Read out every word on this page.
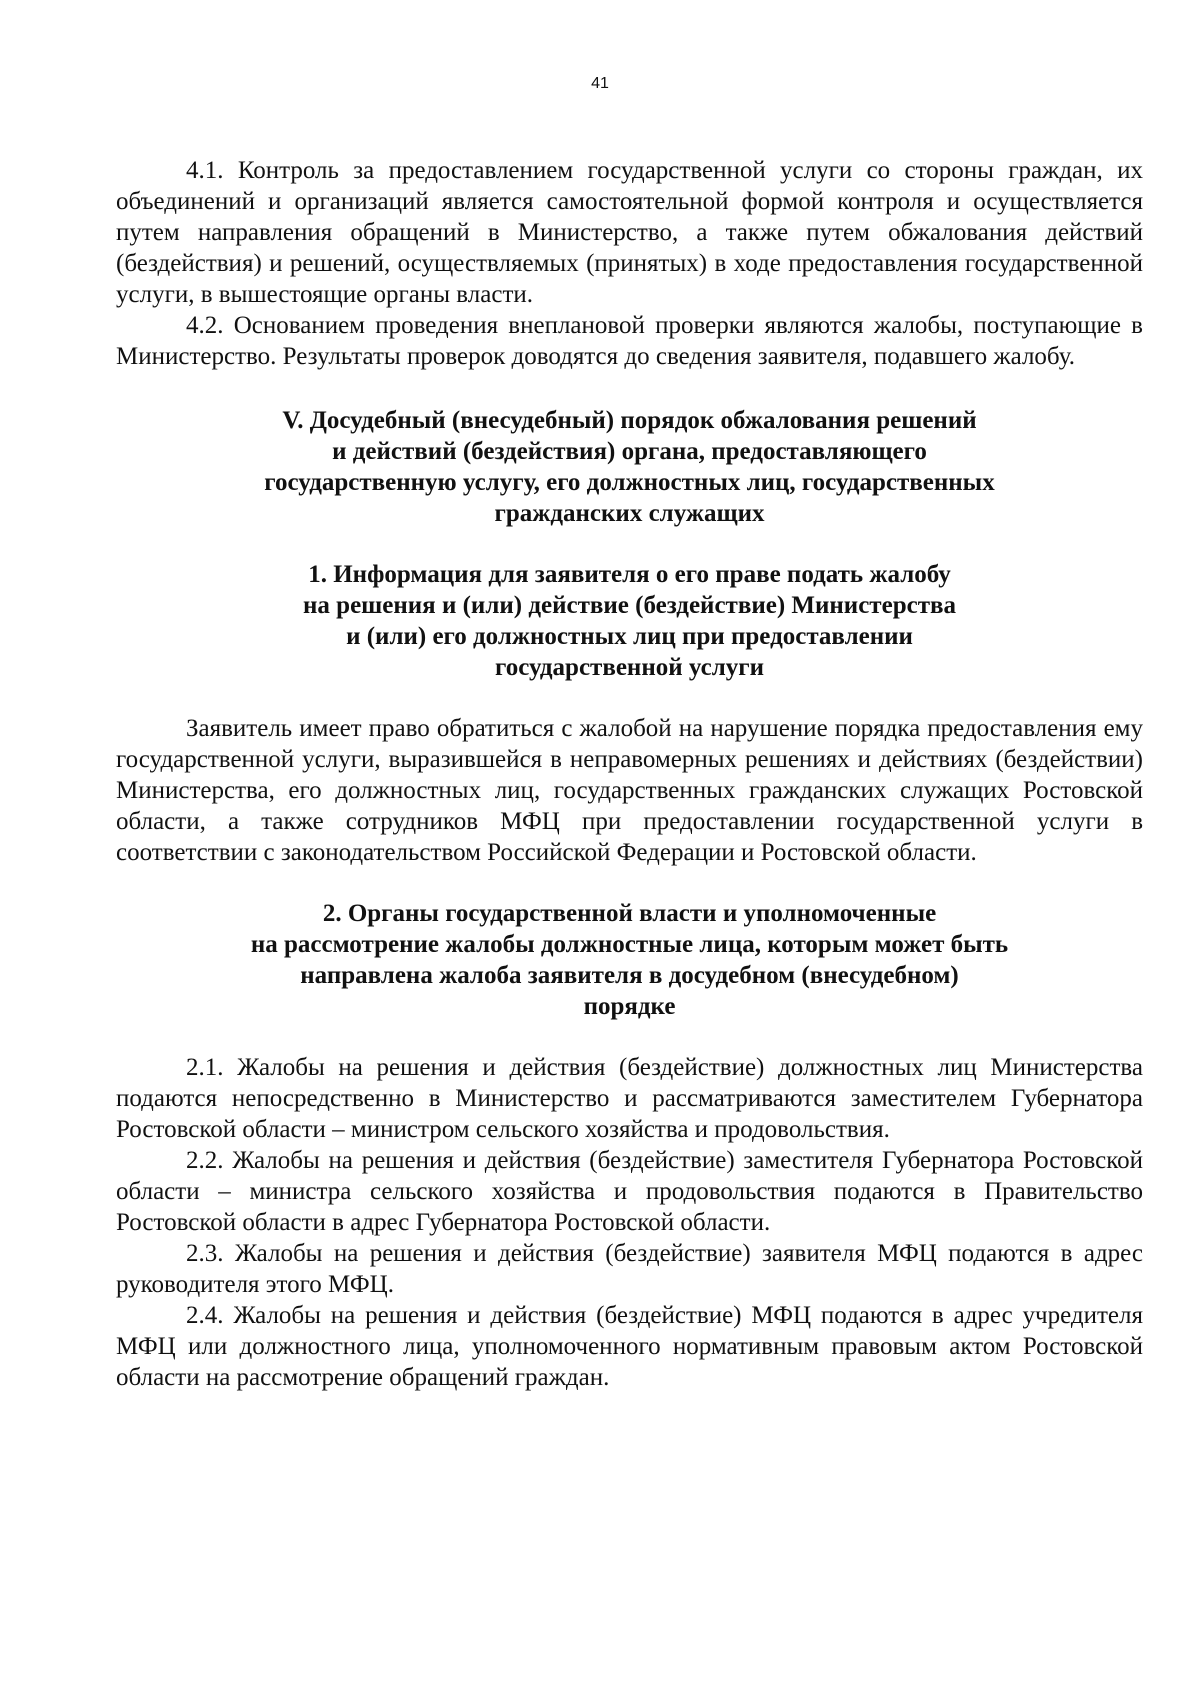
41

4.1. Контроль за предоставлением государственной услуги со стороны граждан, их объединений и организаций является самостоятельной формой контроля и осуществляется путем направления обращений в Министерство, а также путем обжалования действий (бездействия) и решений, осуществляемых (принятых) в ходе предоставления государственной услуги, в вышестоящие органы власти.

4.2. Основанием проведения внеплановой проверки являются жалобы, поступающие в Министерство. Результаты проверок доводятся до сведения заявителя, подавшего жалобу.

V. Досудебный (внесудебный) порядок обжалования решений
и действий (бездействия) органа, предоставляющего
государственную услугу, его должностных лиц, государственных
гражданских служащих
1. Информация для заявителя о его праве подать жалобу
на решения и (или) действие (бездействие) Министерства
и (или) его должностных лиц при предоставлении
государственной услуги

Заявитель имеет право обратиться с жалобой на нарушение порядка предоставления ему государственной услуги, выразившейся в неправомерных решениях и действиях (бездействии) Министерства, его должностных лиц, государственных гражданских служащих Ростовской области, а также сотрудников МФЦ при предоставлении государственной услуги в соответствии с законодательством Российской Федерации и Ростовской области.

2. Органы государственной власти и уполномоченные
на рассмотрение жалобы должностные лица, которым может быть
направлена жалоба заявителя в досудебном (внесудебном)
порядке

2.1. Жалобы на решения и действия (бездействие) должностных лиц Министерства подаются непосредственно в Министерство и рассматриваются заместителем Губернатора Ростовской области – министром сельского хозяйства и продовольствия.

2.2. Жалобы на решения и действия (бездействие) заместителя Губернатора Ростовской области – министра сельского хозяйства и продовольствия подаются в Правительство Ростовской области в адрес Губернатора Ростовской области.

2.3. Жалобы на решения и действия (бездействие) заявителя МФЦ подаются в адрес руководителя этого МФЦ.

2.4. Жалобы на решения и действия (бездействие) МФЦ подаются в адрес учредителя МФЦ или должностного лица, уполномоченного нормативным правовым актом Ростовской области на рассмотрение обращений граждан.
